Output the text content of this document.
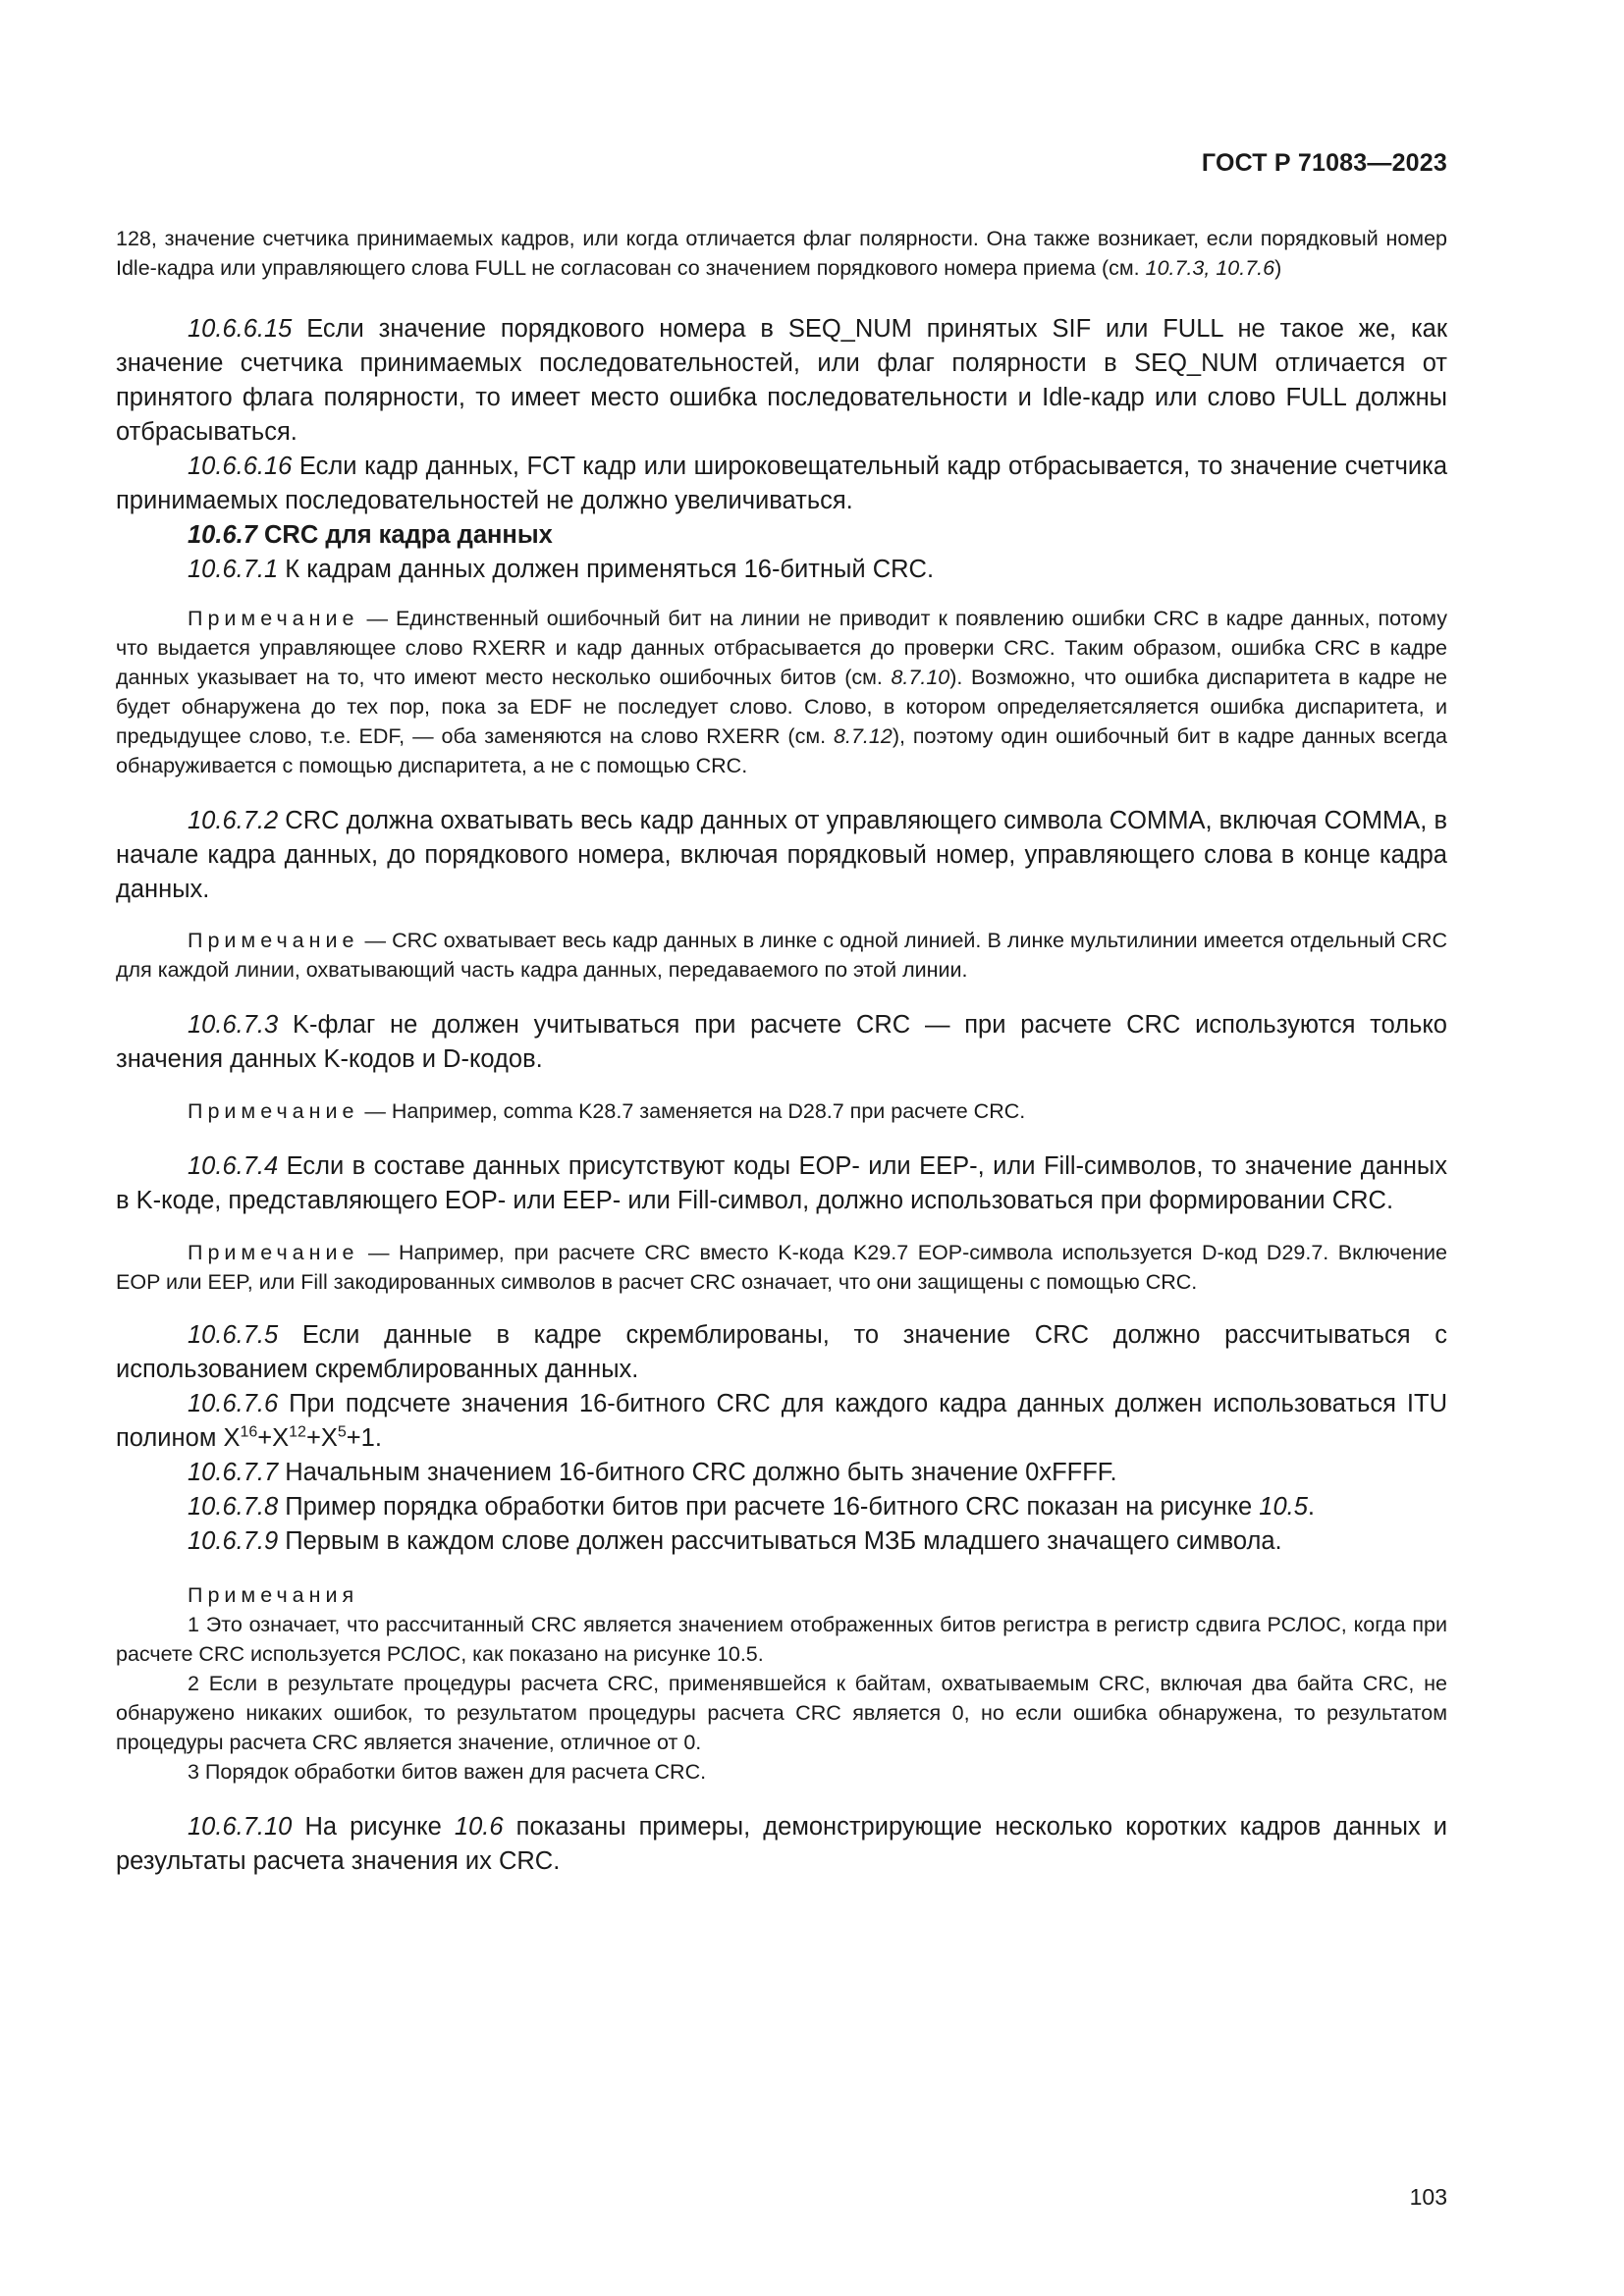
ГОСТ Р 71083—2023

128, значение счетчика принимаемых кадров, или когда отличается флаг полярности. Она также возникает, если порядковый номер Idle-кадра или управляющего слова FULL не согласован со значением порядкового номера приема (см. 10.7.3, 10.7.6)

10.6.6.15 Если значение порядкового номера в SEQ_NUM принятых SIF или FULL не такое же, как значение счетчика принимаемых последовательностей, или флаг полярности в SEQ_NUM отличается от принятого флага полярности, то имеет место ошибка последовательности и Idle-кадр или слово FULL должны отбрасываться.

10.6.6.16 Если кадр данных, FCT кадр или широковещательный кадр отбрасывается, то значение счетчика принимаемых последовательностей не должно увеличиваться.

10.6.7 CRC для кадра данных

10.6.7.1 К кадрам данных должен применяться 16-битный CRC.

Примечание — Единственный ошибочный бит на линии не приводит к появлению ошибки CRC в кадре данных, потому что выдается управляющее слово RXERR и кадр данных отбрасывается до проверки CRC. Таким образом, ошибка CRC в кадре данных указывает на то, что имеют место несколько ошибочных битов (см. 8.7.10). Возможно, что ошибка диспаритета в кадре не будет обнаружена до тех пор, пока за EDF не последует слово. Слово, в котором определяетсяляется ошибка диспаритета, и предыдущее слово, т.е. EDF, — оба заменяются на слово RXERR (см. 8.7.12), поэтому один ошибочный бит в кадре данных всегда обнаруживается с помощью диспаритета, а не с помощью CRC.

10.6.7.2 CRC должна охватывать весь кадр данных от управляющего символа COMMA, включая COMMA, в начале кадра данных, до порядкового номера, включая порядковый номер, управляющего слова в конце кадра данных.

Примечание — CRC охватывает весь кадр данных в линке с одной линией. В линке мультилинии имеется отдельный CRC для каждой линии, охватывающий часть кадра данных, передаваемого по этой линии.

10.6.7.3 K-флаг не должен учитываться при расчете CRC — при расчете CRC используются только значения данных K-кодов и D-кодов.

Примечание — Например, comma K28.7 заменяется на D28.7 при расчете CRC.

10.6.7.4 Если в составе данных присутствуют коды EOP- или EEP-, или Fill-символов, то значение данных в K-коде, представляющего EOP- или EEP- или Fill-символ, должно использоваться при формировании CRC.

Примечание — Например, при расчете CRC вместо K-кода K29.7 EOP-символа используется D-код D29.7. Включение EOP или EEP, или Fill закодированных символов в расчет CRC означает, что они защищены с помощью CRC.

10.6.7.5 Если данные в кадре скремблированы, то значение CRC должно рассчитываться с использованием скремблированных данных.

10.6.7.6 При подсчете значения 16-битного CRC для каждого кадра данных должен использоваться ITU полином $X^{16}+X^{12}+X^5+1$.

10.6.7.7 Начальным значением 16-битного CRC должно быть значение 0xFFFF.

10.6.7.8 Пример порядка обработки битов при расчете 16-битного CRC показан на рисунке 10.5.

10.6.7.9 Первым в каждом слове должен рассчитываться МЗБ младшего значащего символа.

Примечания

1 Это означает, что рассчитанный CRC является значением отображенных битов регистра в регистр сдвига РСЛОС, когда при расчете CRC используется РСЛОС, как показано на рисунке 10.5.

2 Если в результате процедуры расчета CRC, применявшейся к байтам, охватываемым CRC, включая два байта CRC, не обнаружено никаких ошибок, то результатом процедуры расчета CRC является 0, но если ошибка обнаружена, то результатом процедуры расчета CRC является значение, отличное от 0.

3 Порядок обработки битов важен для расчета CRC.

10.6.7.10 На рисунке 10.6 показаны примеры, демонстрирующие несколько коротких кадров данных и результаты расчета значения их CRC.

103
